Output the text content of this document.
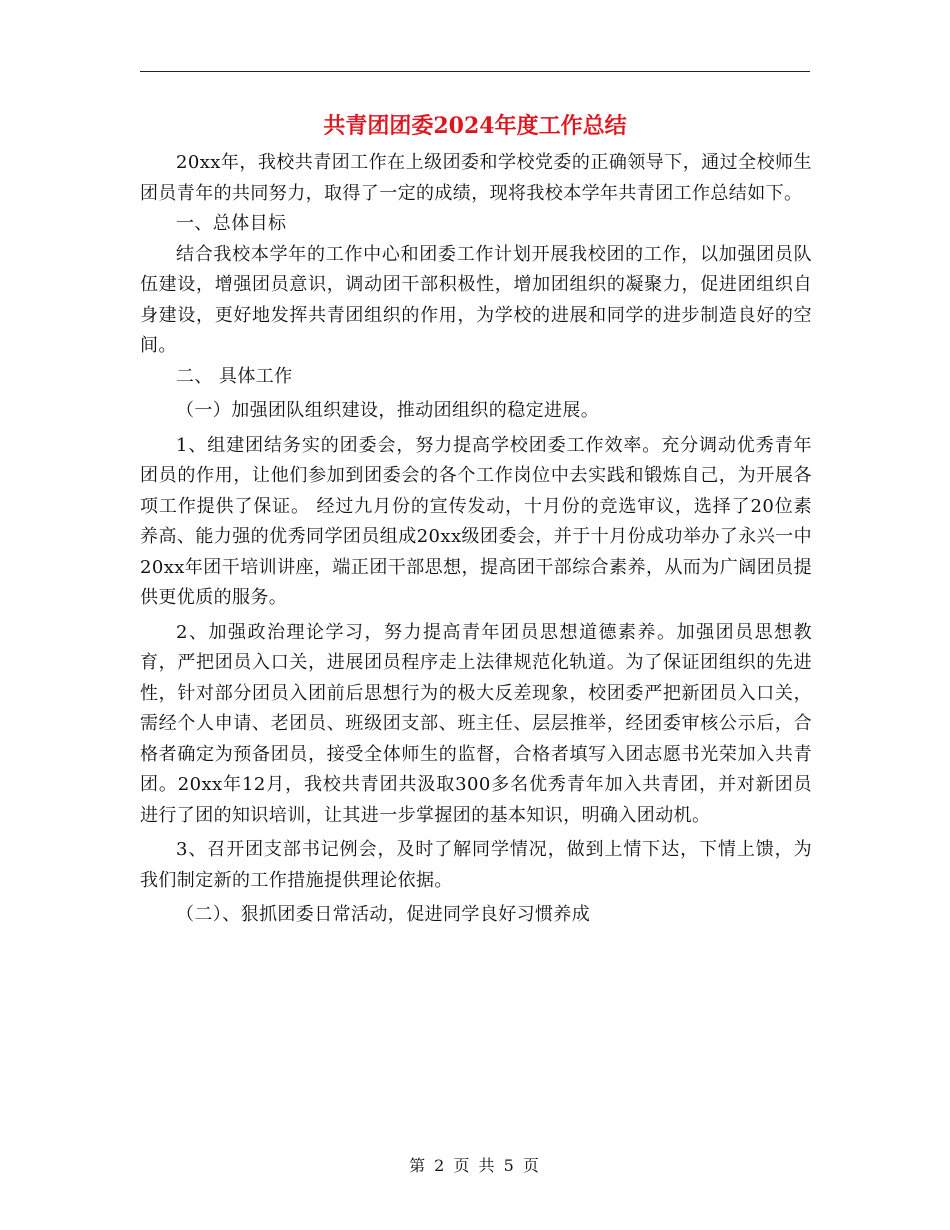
共青团团委2024年度工作总结

20xx年，我校共青团工作在上级团委和学校党委的正确领导下，通过全校师生团员青年的共同努力，取得了一定的成绩，现将我校本学年共青团工作总结如下。

一、总体目标

结合我校本学年的工作中心和团委工作计划开展我校团的工作，以加强团员队伍建设，增强团员意识，调动团干部积极性，增加团组织的凝聚力，促进团组织自身建设，更好地发挥共青团组织的作用，为学校的进展和同学的进步制造良好的空间。

二、 具体工作

（一）加强团队组织建设，推动团组织的稳定进展。

1、组建团结务实的团委会，努力提高学校团委工作效率。充分调动优秀青年团员的作用，让他们参加到团委会的各个工作岗位中去实践和锻炼自己，为开展各项工作提供了保证。 经过九月份的宣传发动，十月份的竞选审议，选择了20位素养高、能力强的优秀同学团员组成20xx级团委会，并于十月份成功举办了永兴一中20xx年团干培训讲座，端正团干部思想，提高团干部综合素养，从而为广阔团员提供更优质的服务。

2、加强政治理论学习，努力提高青年团员思想道德素养。加强团员思想教育，严把团员入口关，进展团员程序走上法律规范化轨道。为了保证团组织的先进性，针对部分团员入团前后思想行为的极大反差现象，校团委严把新团员入口关，需经个人申请、老团员、班级团支部、班主任、层层推举，经团委审核公示后，合格者确定为预备团员，接受全体师生的监督，合格者填写入团志愿书光荣加入共青团。20xx年12月，我校共青团共汲取300多名优秀青年加入共青团，并对新团员进行了团的知识培训，让其进一步掌握团的基本知识，明确入团动机。

3、召开团支部书记例会，及时了解同学情况，做到上情下达，下情上馈，为我们制定新的工作措施提供理论依据。

（二）、狠抓团委日常活动，促进同学良好习惯养成

第 2 页 共 5 页
